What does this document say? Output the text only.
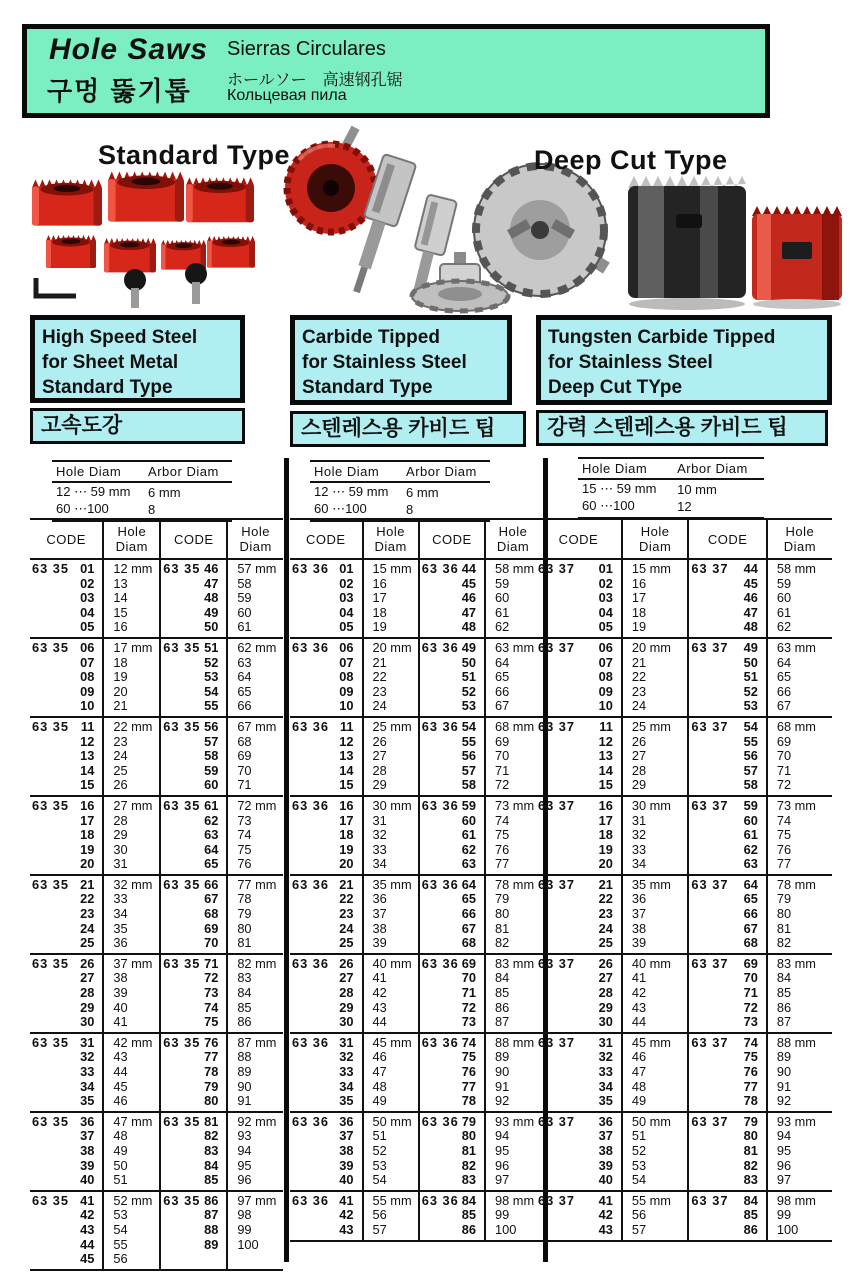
Hole Saws
구멍 뚫기톱
Sierras Circulares
ホールソー　高速钢孔锯
Кольцевая пила
Standard Type	Deep Cut Type
High Speed Steel
for Sheet Metal
Standard Type
고속도강
Hole Diam	Arbor Diam
12 ⋯ 59 mm	6 mm
60 ⋯100	8
CODE	Hole Diam	CODE	Hole Diam

63 35 01	12 mm	63 35 46	57 mm
02	13	47	58
03	14	48	59
04	15	49	60
05	16	50	61

63 35 06	17 mm	63 35 51	62 mm
07	18	52	63
08	19	53	64
09	20	54	65
10	21	55	66

63 35 11	22 mm	63 35 56	67 mm
12	23	57	68
13	24	58	69
14	25	59	70
15	26	60	71

63 35 16	27 mm	63 35 61	72 mm
17	28	62	73
18	29	63	74
19	30	64	75
20	31	65	76

63 35 21	32 mm	63 35 66	77 mm
22	33	67	78
23	34	68	79
24	35	69	80
25	36	70	81

63 35 26	37 mm	63 35 71	82 mm
27	38	72	83
28	39	73	84
29	40	74	85
30	41	75	86

63 35 31	42 mm	63 35 76	87 mm
32	43	77	88
33	44	78	89
34	45	79	90
35	46	80	91

63 35 36	47 mm	63 35 81	92 mm
37	48	82	93
38	49	83	94
39	50	84	95
40	51	85	96

63 35 41	52 mm	63 35 86	97 mm
42	53	87	98
43	54	88	99
44	55	89	100
45	56		
Carbide Tipped
for Stainless Steel
Standard Type
스텐레스용 카비드 팁
Hole Diam	Arbor Diam
12 ⋯ 59 mm	6 mm
60 ⋯100	8
CODE	Hole Diam	CODE	Hole Diam

63 36 01	15 mm	63 36 44	58 mm
02	16	45	59
03	17	46	60
04	18	47	61
05	19	48	62

63 36 06	20 mm	63 36 49	63 mm
07	21	50	64
08	22	51	65
09	23	52	66
10	24	53	67

63 36 11	25 mm	63 36 54	68 mm
12	26	55	69
13	27	56	70
14	28	57	71
15	29	58	72

63 36 16	30 mm	63 36 59	73 mm
17	31	60	74
18	32	61	75
19	33	62	76
20	34	63	77

63 36 21	35 mm	63 36 64	78 mm
22	36	65	79
23	37	66	80
24	38	67	81
25	39	68	82

63 36 26	40 mm	63 36 69	83 mm
27	41	70	84
28	42	71	85
29	43	72	86
30	44	73	87

63 36 31	45 mm	63 36 74	88 mm
32	46	75	89
33	47	76	90
34	48	77	91
35	49	78	92

63 36 36	50 mm	63 36 79	93 mm
37	51	80	94
38	52	81	95
39	53	82	96
40	54	83	97

63 36 41	55 mm	63 36 84	98 mm
42	56	85	99
43	57	86	100
Tungsten Carbide Tipped
for Stainless Steel
Deep Cut TYpe
강력 스텐레스용 카비드 팁
Hole Diam	Arbor Diam
15 ⋯ 59 mm	10 mm
60 ⋯100	12
CODE	Hole Diam	CODE	Hole Diam

63 37 01	15 mm	63 37 44	58 mm
02	16	45	59
03	17	46	60
04	18	47	61
05	19	48	62

63 37 06	20 mm	63 37 49	63 mm
07	21	50	64
08	22	51	65
09	23	52	66
10	24	53	67

63 37 11	25 mm	63 37 54	68 mm
12	26	55	69
13	27	56	70
14	28	57	71
15	29	58	72

63 37 16	30 mm	63 37 59	73 mm
17	31	60	74
18	32	61	75
19	33	62	76
20	34	63	77

63 37 21	35 mm	63 37 64	78 mm
22	36	65	79
23	37	66	80
24	38	67	81
25	39	68	82

63 37 26	40 mm	63 37 69	83 mm
27	41	70	84
28	42	71	85
29	43	72	86
30	44	73	87

63 37 31	45 mm	63 37 74	88 mm
32	46	75	89
33	47	76	90
34	48	77	91
35	49	78	92

63 37 36	50 mm	63 37 79	93 mm
37	51	80	94
38	52	81	95
39	53	82	96
40	54	83	97

63 37 41	55 mm	63 37 84	98 mm
42	56	85	99
43	57	86	100
